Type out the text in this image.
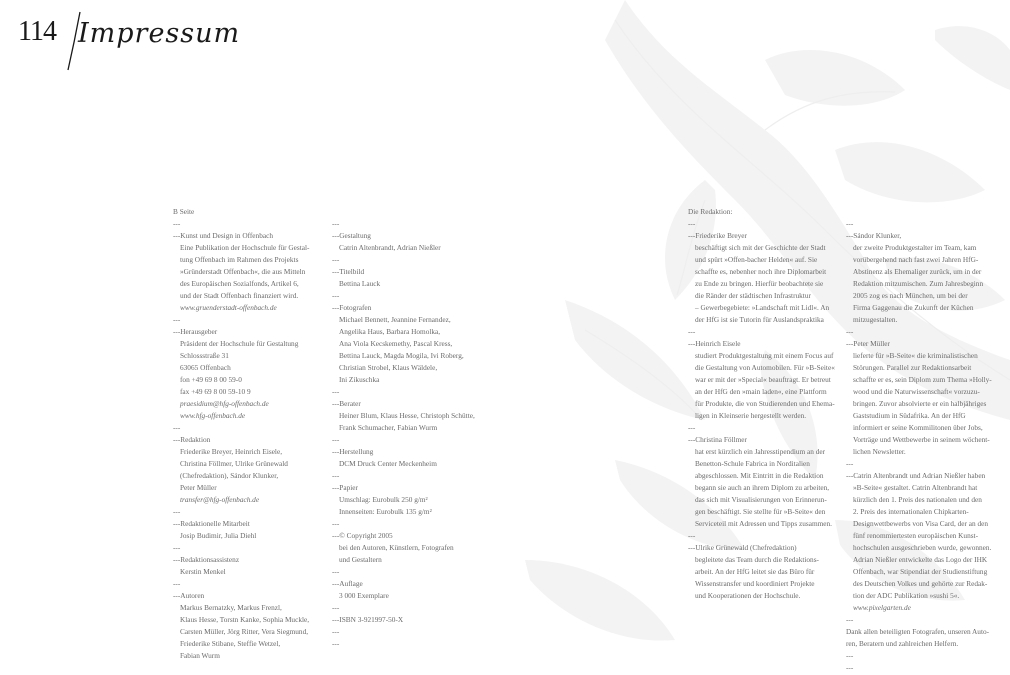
114 Impressum
B Seite
---
---Kunst und Design in Offenbach
Eine Publikation der Hochschule für Gestal-
tung Offenbach im Rahmen des Projekts
»Gründerstadt Offenbach«, die aus Mitteln
des Europäischen Sozialfonds, Artikel 6,
und der Stadt Offenbach finanziert wird.
www.gruenderstadt-offenbach.de
---
---Herausgeber
Präsident der Hochschule für Gestaltung
Schlossstraße 31
63065 Offenbach
fon +49 69 8 00 59-0
fax +49 69 8 00 59-10 9
praesidium@hfg-offenbach.de
www.hfg-offenbach.de
---
---Redaktion
Friederike Breyer, Heinrich Eisele,
Christina Föllmer, Ulrike Grünewald
(Chefredaktion), Sándor Klunker,
Peter Müller
transfer@hfg-offenbach.de
---
---Redaktionelle Mitarbeit
Josip Budimir, Julia Diehl
---
---Redaktionsassistenz
Kerstin Menkel
---
---Autoren
Markus Bernatzky, Markus Frenzl,
Klaus Hesse, Torstn Kanke, Sophia Muckle,
Carsten Müller, Jörg Ritter, Vera Siegmund,
Friederike Stibane, Steffie Wetzel,
Fabian Wurm
---
---Gestaltung
Catrin Altenbrandt, Adrian Nießler
---
---Titelbild
Bettina Lauck
---
---Fotografen
Michael Bennett, Jeannine Fernandez,
Angelika Haus, Barbara Homolka,
Ana Viola Kecskemethy, Pascal Kress,
Bettina Lauck, Magda Mogila, Ivi Roberg,
Christian Strobel, Klaus Wäldele,
Ini Zikuschka
---
---Berater
Heiner Blum, Klaus Hesse, Christoph Schütte,
Frank Schumacher, Fabian Wurm
---
---Herstellung
DCM Druck Center Meckenheim
---
---Papier
Umschlag: Eurobulk 250 g/m²
Innenseiten: Eurobulk 135 g/m²
---
---© Copyright 2005
bei den Autoren, Künstlern, Fotografen
und Gestaltern
---
---Auflage
3 000 Exemplare
---
---ISBN 3-921997-50-X
---
---
Die Redaktion:
---
---Friederike Breyer
beschäftigt sich mit der Geschichte der Stadt
und spürt »Offen-bacher Helden« auf. Sie
schaffte es, nebenher noch ihre Diplomarbeit
zu Ende zu bringen. Hierfür beobachtete sie
die Ränder der städtischen Infrastruktur
– Gewerbegebiete: »Landschaft mit Lidl«. An
der HfG ist sie Tutorin für Auslandspraktika
---
---Heinrich Eisele
studiert Produktgestaltung mit einem Focus auf
die Gestaltung von Automobilen. Für »B-Seite«
war er mit der »Special« beauftragt. Er betreut
an der HfG den »main laden«, eine Plattform
für Produkte, die von Studierenden und Ehema-
ligen in Kleinserie hergestellt werden.
---
---Christina Föllmer
hat erst kürzlich ein Jahresstipendium an der
Benetton-Schule Fabrica in Norditalien
abgeschlossen. Mit Eintritt in die Redaktion
begann sie auch an ihrem Diplom zu arbeiten,
das sich mit Visualisierungen von Erinnerun-
gen beschäftigt. Sie stellte für »B-Seite« den
Serviceteil mit Adressen und Tipps zusammen.
---
---Ulrike Grünewald (Chefredaktion)
begleitete das Team durch die Redaktions-
arbeit. An der HfG leitet sie das Büro für
Wissenstransfer und koordiniert Projekte
und Kooperationen der Hochschule.
---
---Sándor Klunker,
der zweite Produktgestalter im Team, kam
vorübergehend nach fast zwei Jahren HfG-
Abstinenz als Ehemaliger zurück, um in der
Redaktion mitzumischen. Zum Jahresbeginn
2005 zog es nach München, um bei der
Firma Gaggenau die Zukunft der Küchen
mitzugestalten.
---
---Peter Müller
lieferte für »B-Seite« die kriminalistischen
Störungen. Parallel zur Redaktionsarbeit
schaffte er es, sein Diplom zum Thema »Holly-
wood und die Naturwissenschaft« vorzuzu-
bringen. Zuvor absolvierte er ein halbjähriges
Gaststudium in Südafrika. An der HfG
informiert er seine Kommilitonen über Jobs,
Vorträge und Wettbewerbe in seinem wöchent-
lichen Newsletter.
---
---Catrin Altenbrandt und Adrian Nießler haben
»B-Seite« gestaltet. Catrin Altenbrandt hat
kürzlich den 1. Preis des nationalen und den
2. Preis des internationalen Chipkarten-
Designwettbewerbs von Visa Card, der an den
fünf renommiertesten europäischen Kunst-
hochschulen ausgeschrieben wurde, gewonnen.
Adrian Nießler entwickelte das Logo der IHK
Offenbach, war Stipendiat der Studienstiftung
des Deutschen Volkes und gehörte zur Redak-
tion der ADC Publikation »sushi 5«.
www.pixelgarten.de
---
Dank allen beteiligten Fotografen, unseren Auto-
ren, Beratern und zahlreichen Helfern.
---
---
